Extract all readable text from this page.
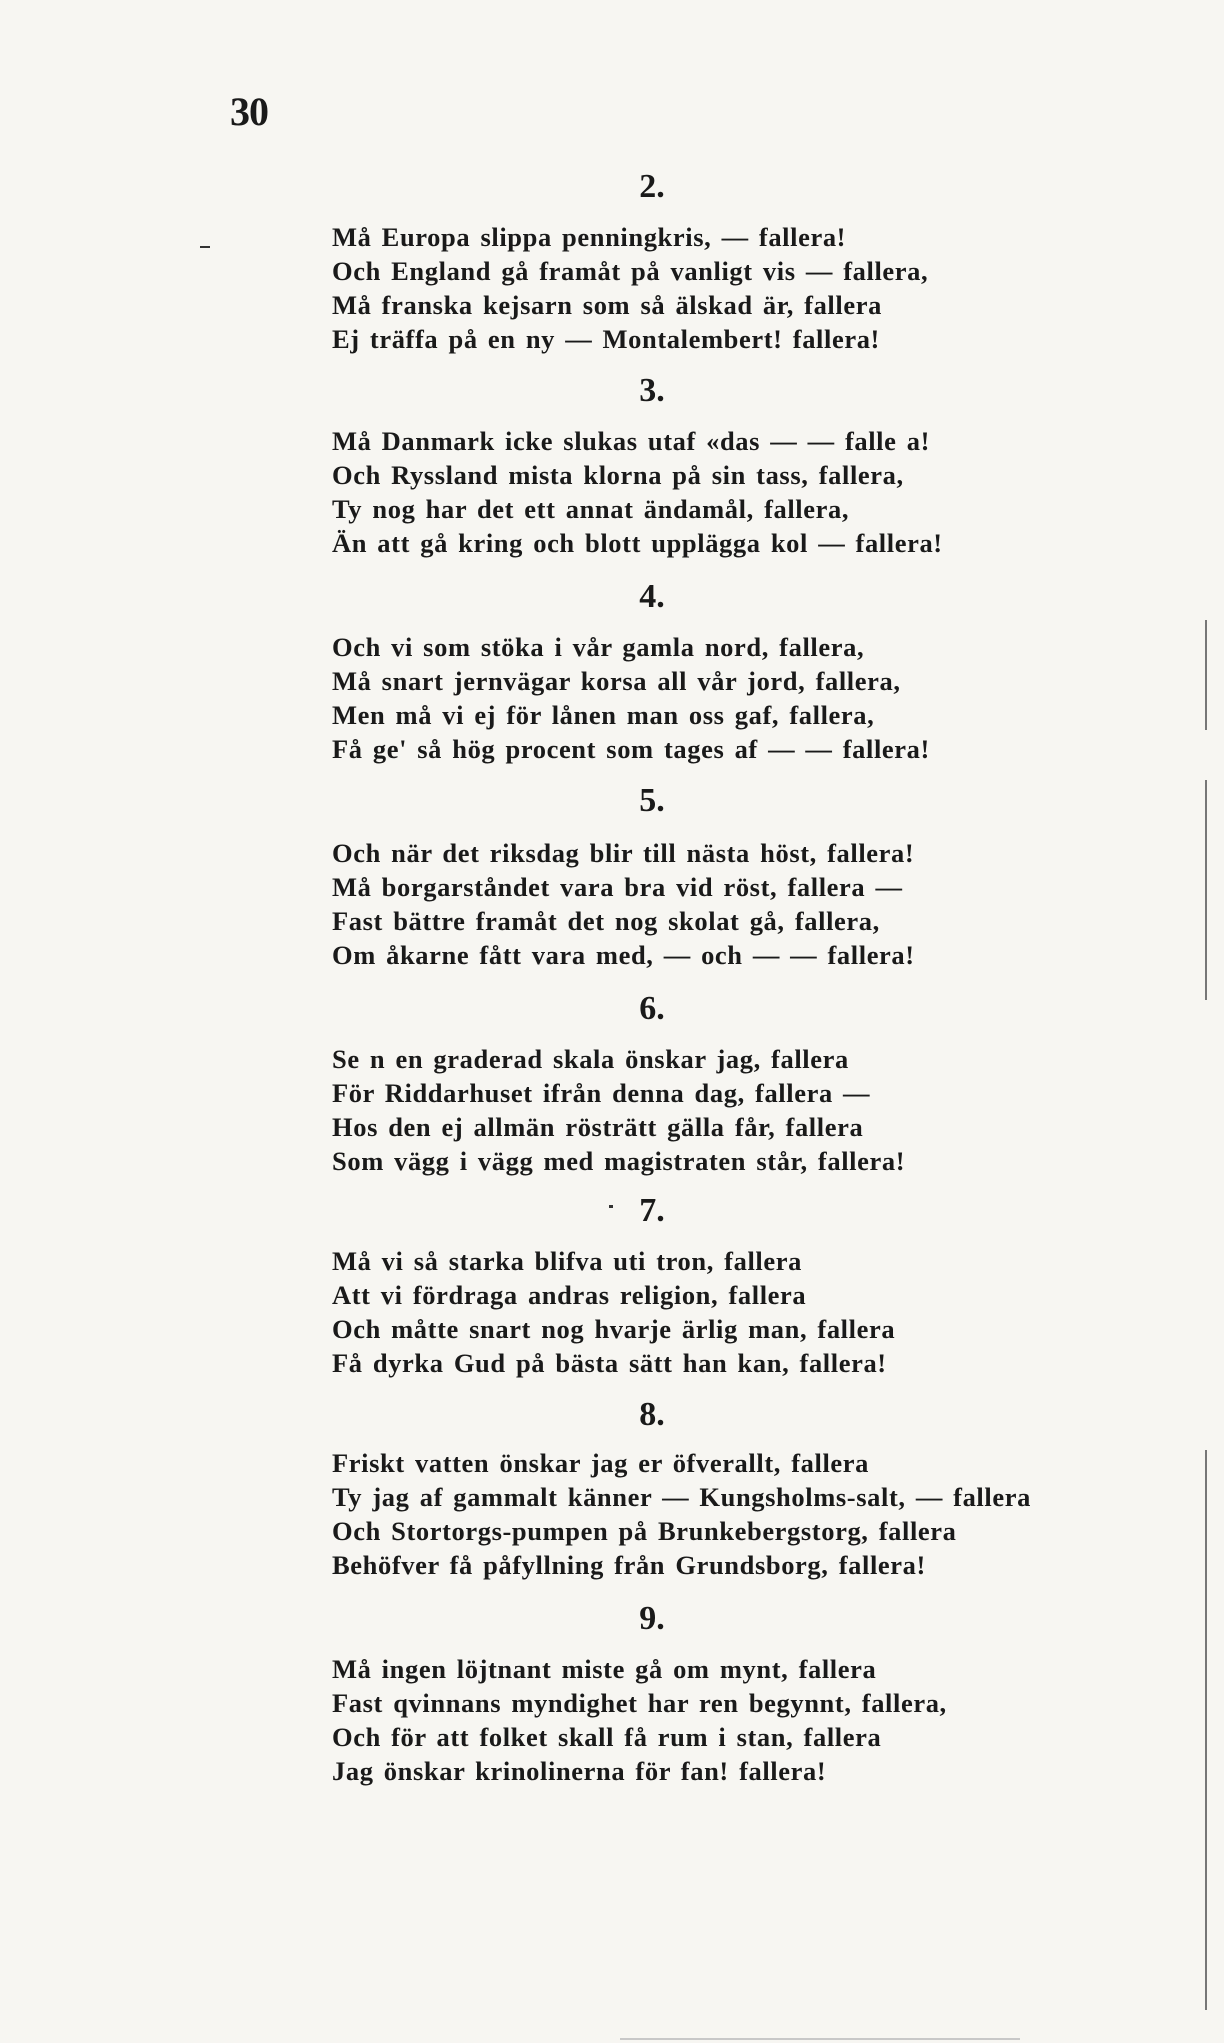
30
2.
Må Europa slippa penningkris, — fallera!
Och England gå framåt på vanligt vis — fallera,
Må franska kejsarn som så älskad är, fallera
Ej träffa på en ny — Montalembert! fallera!
3.
Må Danmark icke slukas utaf «das — — falle a!
Och Ryssland mista klorna på sin tass, fallera,
Ty nog har det ett annat ändamål, fallera,
Än att gå kring och blott upplägga kol — fallera!
4.
Och vi som stöka i vår gamla nord, fallera,
Må snart jernvägar korsa all vår jord, fallera,
Men må vi ej för lånen man oss gaf, fallera,
Få ge' så hög procent som tages af — — fallera!
5.
Och när det riksdag blir till nästa höst, fallera!
Må borgarståndet vara bra vid röst, fallera —
Fast bättre framåt det nog skolat gå, fallera,
Om åkarne fått vara med, — och — — fallera!
6.
Se n en graderad skala önskar jag, fallera
För Riddarhuset ifrån denna dag, fallera —
Hos den ej allmän rösträtt gälla får, fallera
Som vägg i vägg med magistraten står, fallera!
7.
Må vi så starka blifva uti tron, fallera
Att vi fördraga andras religion, fallera
Och måtte snart nog hvarje ärlig man, fallera
Få dyrka Gud på bästa sätt han kan, fallera!
8.
Friskt vatten önskar jag er öfverallt, fallera
Ty jag af gammalt känner — Kungsholms-salt, — fallera
Och Stortorgs-pumpen på Brunkebergstorg, fallera
Behöfver få påfyllning från Grundsborg, fallera!
9.
Må ingen löjtnant miste gå om mynt, fallera
Fast qvinnans myndighet har ren begynnt, fallera,
Och för att folket skall få rum i stan, fallera
Jag önskar krinolinerna för fan! fallera!
